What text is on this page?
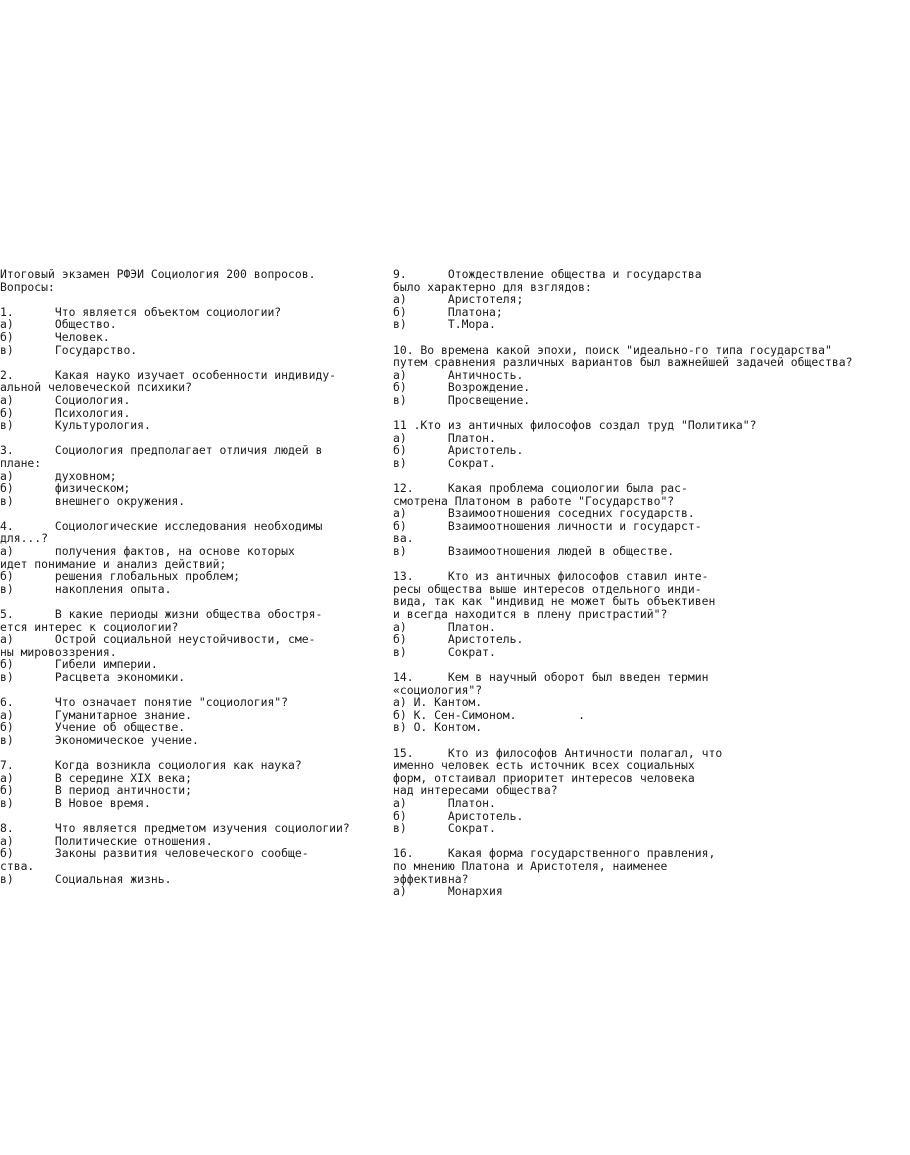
Итоговый экзамен РФЭИ Социология 200 вопросов.
Вопросы:

1.      Что является объектом социологии?
а)      Общество.
б)      Человек.
в)      Государство.

2.      Какая науко изучает особенности индивиду-
альной человеческой психики?
а)      Социология.
б)      Психология.
в)      Культурология.

3.      Социология предполагает отличия людей в
плане:
а)      духовном;
б)      физическом;
в)      внешнего окружения.

4.      Социологические исследования необходимы
для...?
а)      получения фактов, на основе которых
идет понимание и анализ действий;
б)      решения глобальных проблем;
в)      накопления опыта.

5.      В какие периоды жизни общества обостря-
ется интерес к социологии?
а)      Острой социальной неустойчивости, сме-
ны мировоззрения.
б)      Гибели империи.
в)      Расцвета экономики.

6.      Что означает понятие "социология"?
а)      Гуманитарное знание.
б)      Учение об обществе.
в)      Экономическое учение.

7.      Когда возникла социология как наука?
а)      В середине XIX века;
б)      В период античности;
в)      В Новое время.

8.      Что является предметом изучения социологии?
а)      Политические отношения.
б)      Законы развития человеческого сообще-
ства.
в)      Социальная жизнь.
9.      Отождествление общества и государства
было характерно для взглядов:
а)      Аристотеля;
б)      Платона;
в)      Т.Мора.

10. Во времена какой эпохи, поиск "идеально-го типа государства"
путем сравнения различных вариантов был важнейшей задачей общества?
а)      Античность.
б)      Возрождение.
в)      Просвещение.

11 .Кто из античных философов создал труд "Политика"?
а)      Платон.
б)      Аристотель.
в)      Сократ.

12.     Какая проблема социологии была рас-
смотрена Платоном в работе "Государство"?
а)      Взаимоотношения соседних государств.
б)      Взаимоотношения личности и государст-
ва.
в)      Взаимоотношения людей в обществе.

13.     Кто из античных философов ставил инте-
ресы общества выше интересов отдельного инди-
вида, так как "индивид не может быть объективен
и всегда находится в плену пристрастий"?
а)      Платон.
б)      Аристотель.
в)      Сократ.

14.     Кем в научный оборот был введен термин
«социология"?
а) И. Кантом.
б) К. Сен-Симоном.         .
в) О. Контом.

15.     Кто из философов Античности полагал, что
именно человек есть источник всех социальных
форм, отстаивал приоритет интересов человека
над интересами общества?
а)      Платон.
б)      Аристотель.
в)      Сократ.

16.     Какая форма государственного правления,
по мнению Платона и Аристотеля, наименее
эффективна?
а)      Монархия
